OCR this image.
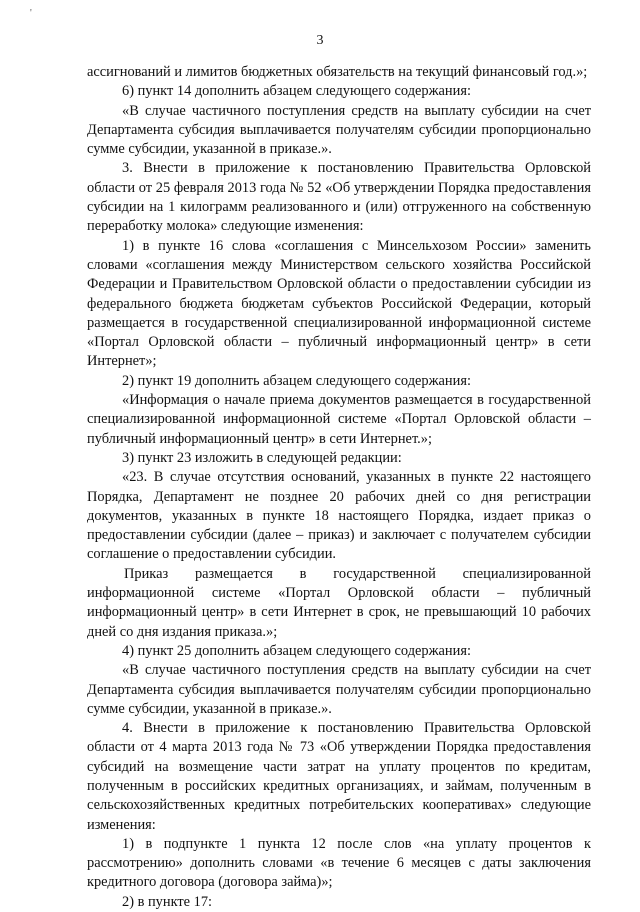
'
3

ассигнований и лимитов бюджетных обязательств на текущий финансовый год.»;

6) пункт 14 дополнить абзацем следующего содержания:

«В случае частичного поступления средств на выплату субсидии на счет Департамента субсидия выплачивается получателям субсидии пропорционально сумме субсидии, указанной в приказе.».

3. Внести в приложение к постановлению Правительства Орловской области от 25 февраля 2013 года № 52 «Об утверждении Порядка предоставления субсидии на 1 килограмм реализованного и (или) отгруженного на собственную переработку молока» следующие изменения:

1) в пункте 16 слова «соглашения с Минсельхозом России» заменить словами «соглашения между Министерством сельского хозяйства Российской Федерации и Правительством Орловской области о предоставлении субсидии из федерального бюджета бюджетам субъектов Российской Федерации, который размещается в государственной специализированной информационной системе «Портал Орловской области – публичный информационный центр» в сети Интернет»;

2) пункт 19 дополнить абзацем следующего содержания:

«Информация о начале приема документов размещается в государственной специализированной информационной системе «Портал Орловской области – публичный информационный центр» в сети Интернет.»;

3) пункт 23 изложить в следующей редакции:

«23. В случае отсутствия оснований, указанных в пункте 22 настоящего Порядка, Департамент не позднее 20 рабочих дней со дня регистрации документов, указанных в пункте 18 настоящего Порядка, издает приказ о предоставлении субсидии (далее – приказ) и заключает с получателем субсидии соглашение о предоставлении субсидии.

Приказ размещается в государственной специализированной информационной системе «Портал Орловской области – публичный информационный центр» в сети Интернет в срок, не превышающий 10 рабочих дней со дня издания приказа.»;

4) пункт 25 дополнить абзацем следующего содержания:

«В случае частичного поступления средств на выплату субсидии на счет Департамента субсидия выплачивается получателям субсидии пропорционально сумме субсидии, указанной в приказе.».

4. Внести в приложение к постановлению Правительства Орловской области от 4 марта 2013 года № 73 «Об утверждении Порядка предоставления субсидий на возмещение части затрат на уплату процентов по кредитам, полученным в российских кредитных организациях, и займам, полученным в сельскохозяйственных кредитных потребительских кооперативах» следующие изменения:

1) в подпункте 1 пункта 12 после слов «на уплату процентов к рассмотрению» дополнить словами «в течение 6 месяцев с даты заключения кредитного договора (договора займа)»;

2) в пункте 17:
